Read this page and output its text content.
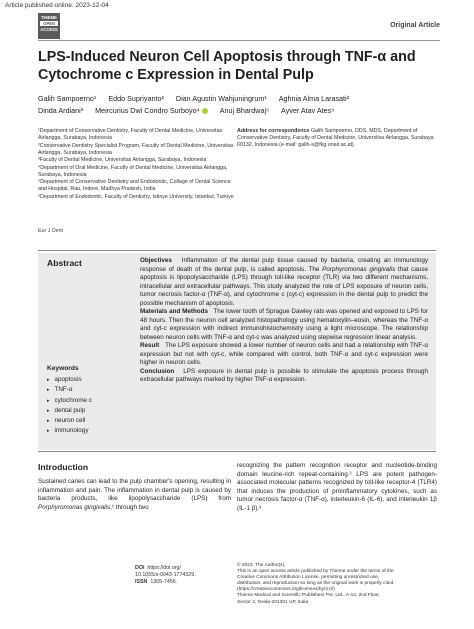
Article published online: 2023-12-04
THIEME
OPEN
ACCESS
Original Article
LPS-Induced Neuron Cell Apoptosis through TNF-α and Cytochrome c Expression in Dental Pulp
Galih Sampoerno¹ Eddo Supriyanto² Dian Agustin Wahjuningrum¹ Aghnia Alma Larasati²
Dinda Ardiani³ Meircurius Dwi Condro Surboyo⁴	Anuj Bhardwaj⁵ Ayver Atav Ates⁶
¹Department of Conservative Dentistry, Faculty of Dental Medicine, Universitas Airlangga, Surabaya, Indonesia
²Conservative Dentistry Specialist Program, Faculty of Dental Medicine, Universitas Airlangga, Surabaya, Indonesia
³Faculty of Dental Medicine, Universitas Airlangga, Surabaya, Indonesia
⁴Department of Oral Medicine, Faculty of Dental Medicine, Universitas Airlangga, Surabaya, Indonesia
⁵Department of Conservative Dentistry and Endodontic, Collage of Dental Science and Hospital, Rau, Indore, Madhya Pradesh, India
⁶Department of Endodontic, Faculty of Dentistry, Istinye University, Istanbul, Turkiye
Address for correspondence Galih Sampoerno, DDS, MDS, Department of Conservative Dentistry, Faculty of Dental Medicine, Universitas Airlangga, Surabaya 60132, Indonesia (e-mail: galih-s@fkg.unair.ac.id).
Eur J Dent
Abstract	Objectives Inflammation of the dental pulp tissue caused by bacteria, creating an immunology response of death of the dental pulp, is called apoptosis. The Porphyromonas gingivalis that cause apoptosis is lipopolysaccharide (LPS) through toll-like receptor (TLR) via two different mechanisms, intracellular and extracellular pathways. This study analyzed the role of LPS exposure of neuron cells, tumor necrosis factor-α (TNF-α), and cytochrome c (cyt-c) expression in the dental pulp to predict the possible mechanism of apoptosis.
Materials and Methods The lower tooth of Sprague Dawley rats was opened and exposed to LPS for 48 hours. Then the neuron cell analyzed histopathology using hematoxylin–eosin, whereas the TNF-α and cyt-c expression with indirect immunohistochemistry using a light microscope. The relationship between neuron cells with TNF-α and cyt-c was analyzed using stepwise regression linear analysis.
Result The LPS exposure showed a lower number of neuron cells and had a relationship with TNF-α expression but not with cyt-c, while compared with control, both TNF-α and cyt-c expression were higher in neuron cells.
Conclusion LPS exposure in dental pulp is possible to stimulate the apoptosis process through extracellular pathways marked by higher TNF-α expression.
Keywords
▸ apoptosis
▸ TNF-α
▸ cytochrome c
▸ dental pulp
▸ neuron cell
▸ immunology
Introduction
Sustained caries can lead to the pulp chamber's opening, resulting in inflammation and pain. The inflammation in dental pulp is caused by bacteria products, like lipopolysaccharide (LPS) from Porphyromonas gingivalis,¹ through two
recognizing the pattern recognition receptor and nucleotide-binding domain leucine-rich repeat-containing.² LPS are potent pathogen-associated molecular patterns recognized by toll-like receptor-4 (TLR4) that induces the production of proinflammatory cytokines, such as tumor necrosis factor-α (TNF-α), interleukin-6 (IL-6), and interleukin 1β (IL-1 β).³
DOI https://doi.org/
10.1055/s-0043-1774329.
ISSN 1305-7456.
© 2023. The Author(s).
This is an open access article published by Thieme under the terms of the
Creative Commons Attribution License, permitting unrestricted use,
distribution, and reproduction so long as the original work is properly cited.
(https://creativecommons.org/licenses/by/4.0/)
Thieme Medical and Scientific Publishers Pvt. Ltd., A-12, 2nd Floor,
Sector 2, Noida-201301 UP, India
